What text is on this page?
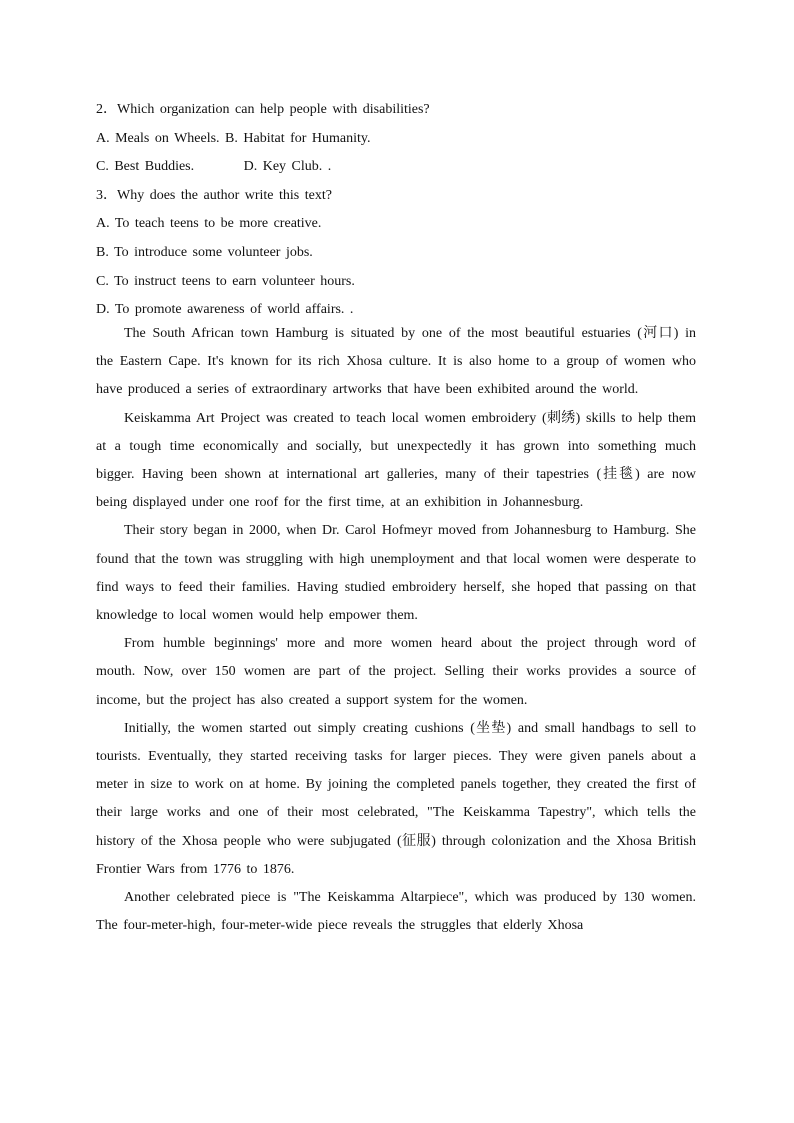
2．Which organization can help people with disabilities?
A. Meals on Wheels. B. Habitat for Humanity.
C. Best Buddies.         D. Key Club. .
3．Why does the author write this text?
A. To teach teens to be more creative.
B. To introduce some volunteer jobs.
C. To instruct teens to earn volunteer hours.
D. To promote awareness of world affairs. .

The South African town Hamburg is situated by one of the most beautiful estuaries (河口) in the Eastern Cape. It's known for its rich Xhosa culture. It is also home to a group of women who have produced a series of extraordinary artworks that have been exhibited around the world.

Keiskamma Art Project was created to teach local women embroidery (刺绣) skills to help them at a tough time economically and socially, but unexpectedly it has grown into something much bigger. Having been shown at international art galleries, many of their tapestries (挂毯) are now being displayed under one roof for the first time, at an exhibition in Johannesburg.

Their story began in 2000, when Dr. Carol Hofmeyr moved from Johannesburg to Hamburg. She found that the town was struggling with high unemployment and that local women were desperate to find ways to feed their families. Having studied embroidery herself, she hoped that passing on that knowledge to local women would help empower them.

From humble beginnings' more and more women heard about the project through word of mouth. Now, over 150 women are part of the project. Selling their works provides a source of income, but the project has also created a support system for the women.

Initially, the women started out simply creating cushions (坐垫) and small handbags to sell to tourists. Eventually, they started receiving tasks for larger pieces. They were given panels about a meter in size to work on at home. By joining the completed panels together, they created the first of their large works and one of their most celebrated, "The Keiskamma Tapestry", which tells the history of the Xhosa people who were subjugated (征服) through colonization and the Xhosa British Frontier Wars from 1776 to 1876.

Another celebrated piece is "The Keiskamma Altarpiece", which was produced by 130 women. The four-meter-high, four-meter-wide piece reveals the struggles that elderly Xhosa
